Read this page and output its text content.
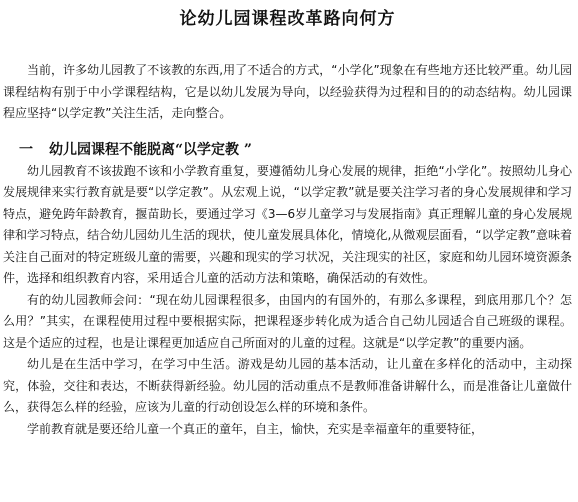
论幼儿园课程改革路向何方

当前，许多幼儿园教了不该教的东西,用了不适合的方式，“小学化”现象在有些地方还比较严重。幼儿园课程结构有别于中小学课程结构，它是以幼儿发展为导向，以经验获得为过程和目的的动态结构。幼儿园课程应坚持“以学定教”关注生活，走向整合。

一 幼儿园课程不能脱离“以学定教 ”

幼儿园教育不该拔跑不该和小学教育重复，要遵循幼儿身心发展的规律，拒绝“小学化”。按照幼儿身心发展规律来实行教育就是要“以学定教”。从宏观上说，“以学定教”就是要关注学习者的身心发展规律和学习特点，避免跨年龄教育，揠苗助长，要通过学习《3—6岁儿童学习与发展指南》真正理解儿童的身心发展规律和学习特点，结合幼儿园幼儿生活的现状，使儿童发展具体化，情境化,从微观层面看，“以学定教”意味着关注自己面对的特定班级儿童的需要，兴趣和现实的学习状况，关注现实的社区，家庭和幼儿园环境资源条件，选择和组织教育内容，采用适合儿童的活动方法和策略，确保活动的有效性。

有的幼儿园教师会问：“现在幼儿园课程很多，由国内的有国外的，有那么多课程，到底用那几个？怎么用？”其实，在课程使用过程中要根据实际，把课程逐步转化成为适合自己幼儿园适合自己班级的课程。这是个适应的过程，也是让课程更加适应自己所面对的儿童的过程。这就是“以学定教”的重要内涵。

幼儿是在生活中学习，在学习中生活。游戏是幼儿园的基本活动，让儿童在多样化的活动中，主动探究，体验，交往和表达，不断获得新经验。幼儿园的活动重点不是教师准备讲解什么，而是准备让儿童做什么，获得怎么样的经验，应该为儿童的行动创设怎么样的环境和条件。

学前教育就是要还给儿童一个真正的童年，自主，愉快，充实是幸福童年的重要特征，
